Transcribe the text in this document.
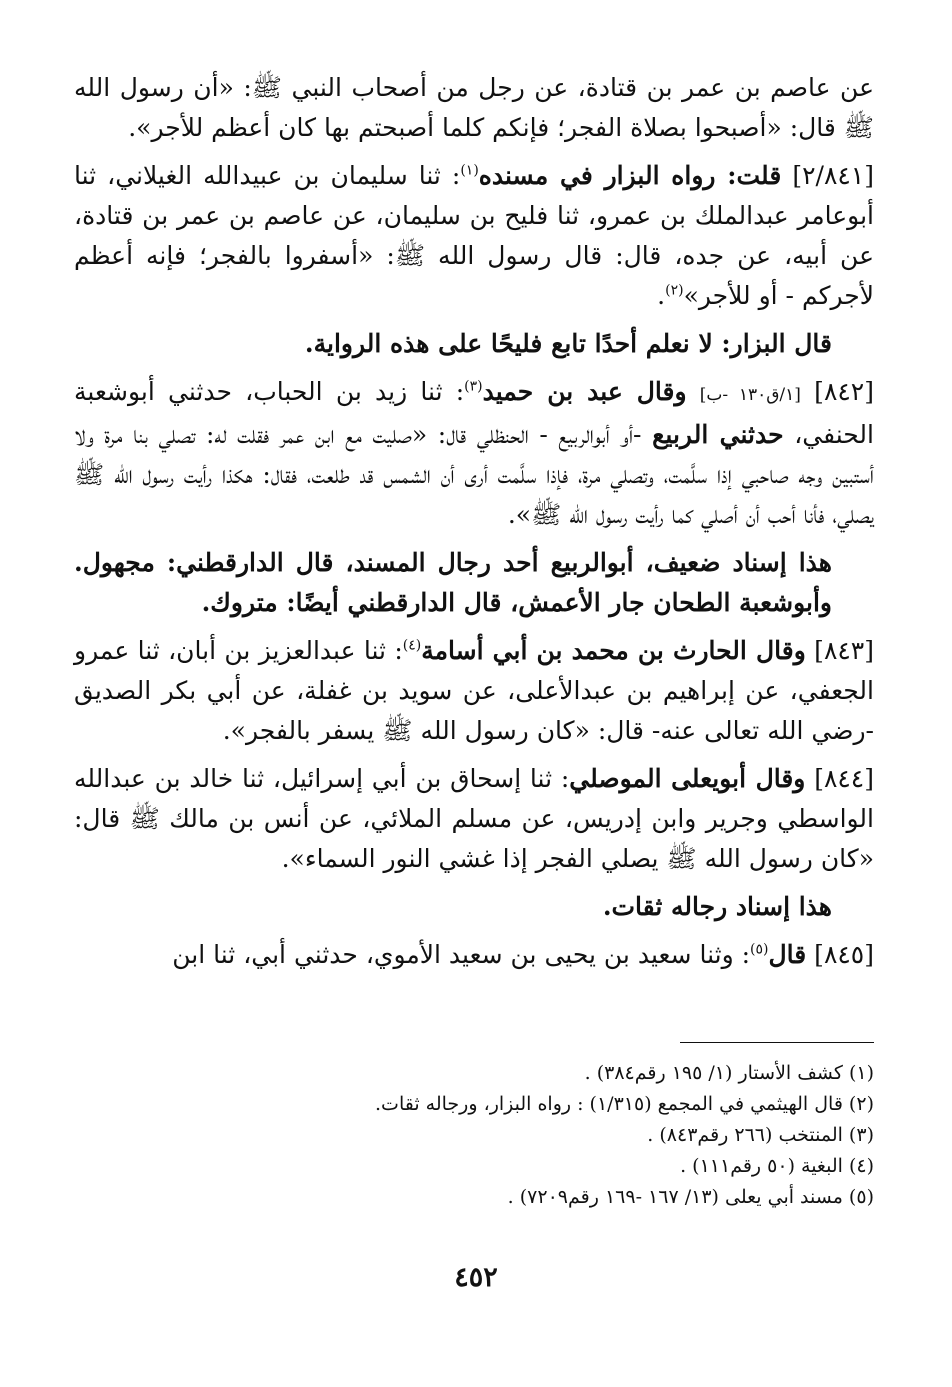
عن عاصم بن عمر بن قتادة، عن رجل من أصحاب النبي ﷺ: «أن رسول الله ﷺ قال: «أصبحوا بصلاة الفجر؛ فإنكم كلما أصبحتم بها كان أعظم للأجر».

[٢/٨٤١] قلت: رواه البزار في مسنده$^{(١)}$: ثنا سليمان بن عبيدالله الغيلاني، ثنا أبوعامر عبدالملك بن عمرو، ثنا فليح بن سليمان، عن عاصم بن عمر بن قتادة، عن أبيه، عن جده، قال: قال رسول الله ﷺ: «أسفروا بالفجر؛ فإنه أعظم لأجركم - أو للأجر»$^{(٢)}$.

قال البزار: لا نعلم أحدًا تابع فليحًا على هذه الرواية.

[٨٤٢] [١/ق١٣٠ -ب] وقال عبد بن حميد$^{(٣)}$: ثنا زيد بن الحباب، حدثني أبوشعبة الحنفي، حدثني الربيع -أو أبوالربيع - الحنظلي قال: «صليت مع ابن عمر فقلت له: تصلي بنا مرة ولا أستبين وجه صاحبي إذا سلَّمت، وتصلي مرة، فإذا سلَّمت أرى أن الشمس قد طلعت، فقال: هكذا رأيت رسول الله ﷺ يصلي، فأنا أحب أن أصلي كما رأيت رسول الله ﷺ».

هذا إسناد ضعيف، أبوالربيع أحد رجال المسند، قال الدارقطني: مجهول. وأبوشعبة الطحان جار الأعمش، قال الدارقطني أيضًا: متروك.

[٨٤٣] وقال الحارث بن محمد بن أبي أسامة$^{(٤)}$: ثنا عبدالعزيز بن أبان، ثنا عمرو الجعفي، عن إبراهيم بن عبدالأعلى، عن سويد بن غفلة، عن أبي بكر الصديق -رضي الله تعالى عنه- قال: «كان رسول الله ﷺ يسفر بالفجر».

[٨٤٤] وقال أبويعلى الموصلي: ثنا إسحاق بن أبي إسرائيل، ثنا خالد بن عبدالله الواسطي وجرير وابن إدريس، عن مسلم الملائي، عن أنس بن مالك ﷺ قال: «كان رسول الله ﷺ يصلي الفجر إذا غشي النور السماء».

هذا إسناد رجاله ثقات.

[٨٤٥] قال$^{(٥)}$: وثنا سعيد بن يحيى بن سعيد الأموي، حدثني أبي، ثنا ابن

(١) كشف الأستار (١/ ١٩٥ رقم٣٨٤) .
(٢) قال الهيثمي في المجمع (١/٣١٥) : رواه البزار، ورجاله ثقات.
(٣) المنتخب (٢٦٦ رقم٨٤٣) .
(٤) البغية (٥٠ رقم١١١) .
(٥) مسند أبي يعلى (١٣/ ١٦٧ -١٦٩ رقم٧٢٠٩) .
٤٥٢
